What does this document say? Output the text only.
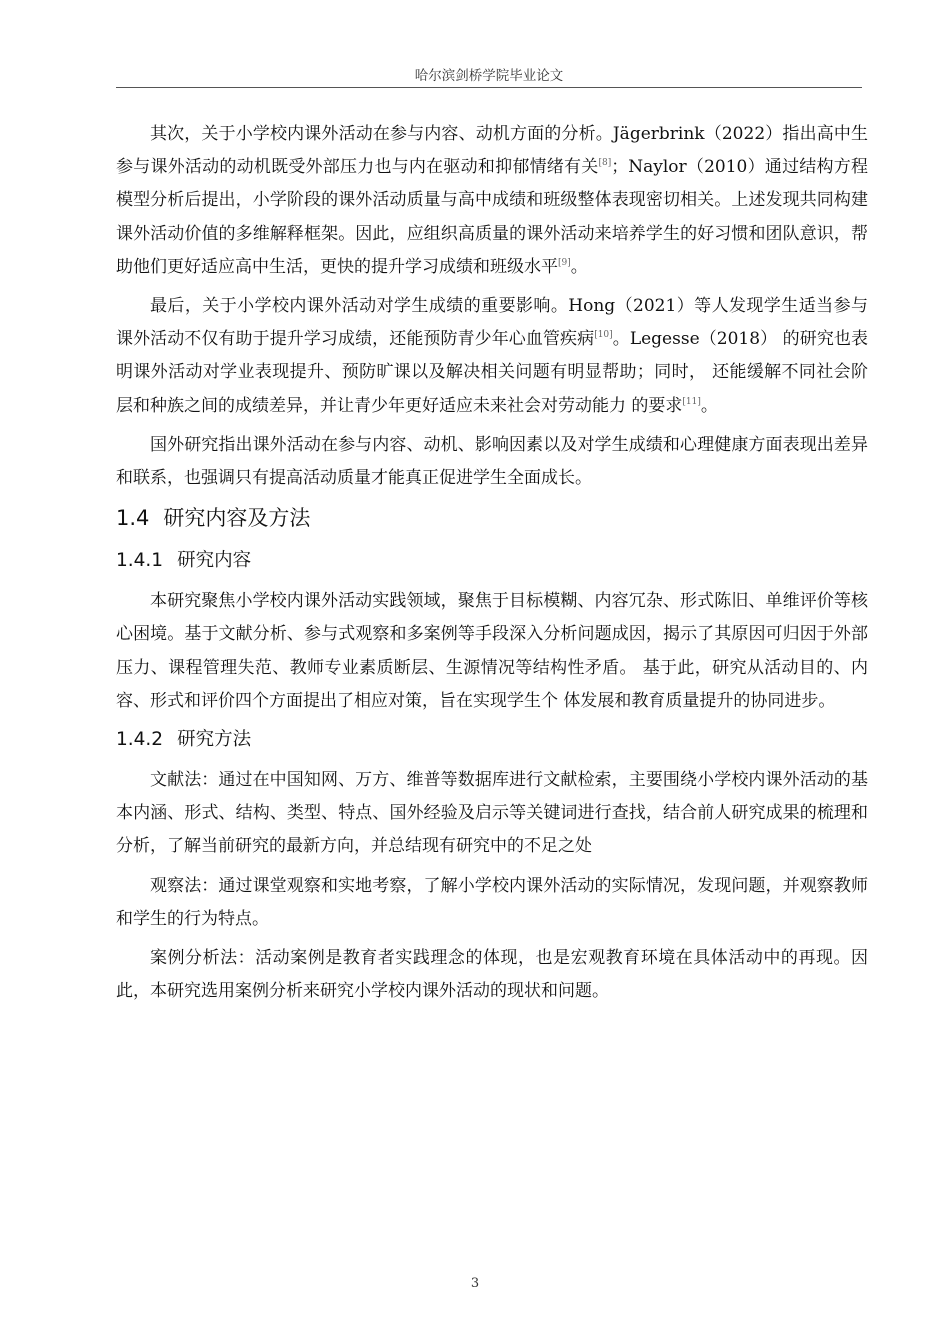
哈尔滨剑桥学院毕业论文

其次，关于小学校内课外活动在参与内容、动机方面的分析。Jägerbrink（2022）指出高中生参与课外活动的动机既受外部压力也与内在驱动和抑郁情绪有关[8]；Naylor（2010）通过结构方程模型分析后提出，小学阶段的课外活动质量与高中成绩和班级整体表现密切相关。上述发现共同构建课外活动价值的多维解释框架。因此，应组织高质量的课外活动来培养学生的好习惯和团队意识，帮助他们更好适应高中生活，更快的提升学习成绩和班级水平[9]。

最后，关于小学校内课外活动对学生成绩的重要影响。Hong（2021）等人发现学生适当参与课外活动不仅有助于提升学习成绩，还能预防青少年心血管疾病[10]。Legesse（2018） 的研究也表明课外活动对学业表现提升、预防旷课以及解决相关问题有明显帮助；同时， 还能缓解不同社会阶层和种族之间的成绩差异，并让青少年更好适应未来社会对劳动能力 的要求[11]。

国外研究指出课外活动在参与内容、动机、影响因素以及对学生成绩和心理健康方面表现出差异和联系，也强调只有提高活动质量才能真正促进学生全面成长。

1.4 研究内容及方法
1.4.1 研究内容

本研究聚焦小学校内课外活动实践领域，聚焦于目标模糊、内容冗杂、形式陈旧、单维评价等核心困境。基于文献分析、参与式观察和多案例等手段深入分析问题成因，揭示了其原因可归因于外部压力、课程管理失范、教师专业素质断层、生源情况等结构性矛盾。 基于此，研究从活动目的、内容、形式和评价四个方面提出了相应对策，旨在实现学生个 体发展和教育质量提升的协同进步。

1.4.2 研究方法

文献法：通过在中国知网、万方、维普等数据库进行文献检索，主要围绕小学校内课外活动的基本内涵、形式、结构、类型、特点、国外经验及启示等关键词进行查找，结合前人研究成果的梳理和分析，了解当前研究的最新方向，并总结现有研究中的不足之处

观察法：通过课堂观察和实地考察，了解小学校内课外活动的实际情况，发现问题，并观察教师和学生的行为特点。

案例分析法：活动案例是教育者实践理念的体现，也是宏观教育环境在具体活动中的再现。因此，本研究选用案例分析来研究小学校内课外活动的现状和问题。

3
